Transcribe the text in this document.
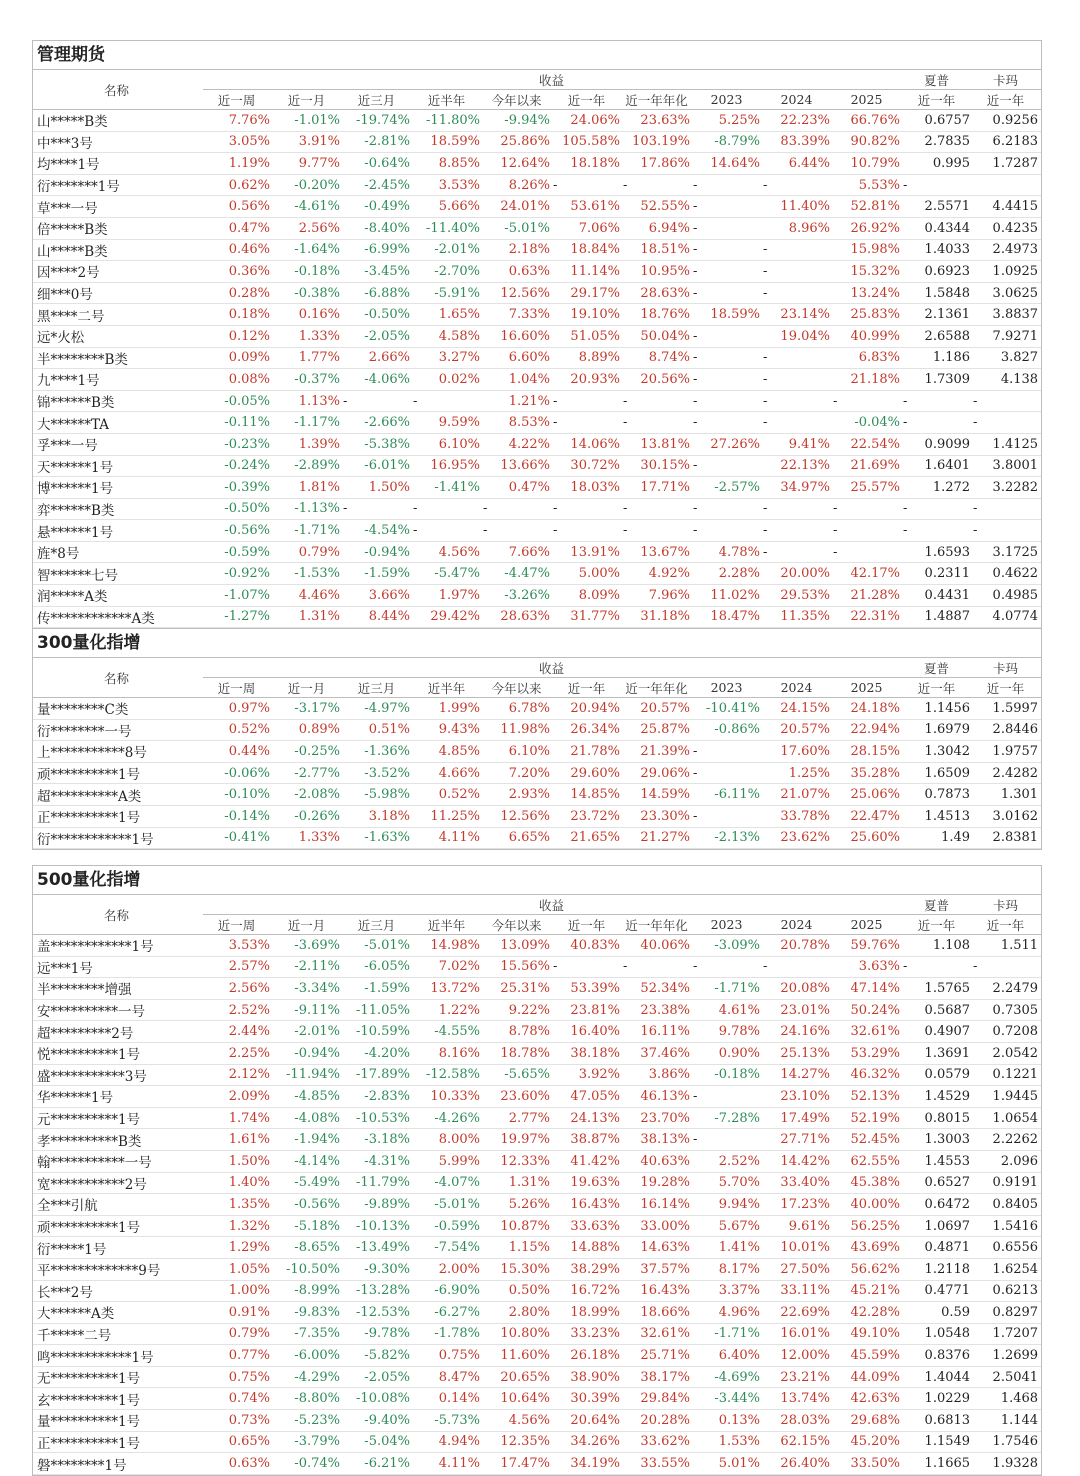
管理期货
名称	收益										夏普	卡玛
	近一周	近一月	近三月	近半年	今年以来	近一年	近一年年化	2023	2024	2025	近一年	近一年
山*****B类	7.76%	-1.01%	-19.74%	-11.80%	-9.94%	24.06%	23.63%	5.25%	22.23%	66.76%	0.6757	0.9256
中***3号	3.05%	3.91%	-2.81%	18.59%	25.86%	105.58%	103.19%	-8.79%	83.39%	90.82%	2.7835	6.2183
均****1号	1.19%	9.77%	-0.64%	8.85%	12.64%	18.18%	17.86%	14.64%	6.44%	10.79%	0.995	1.7287
衍*******1号	0.62%	-0.20%	-2.45%	3.53%	8.26%	-	-	-	-	5.53%	-	
草***一号	0.56%	-4.61%	-0.49%	5.66%	24.01%	53.61%	52.55%	-	11.40%	52.81%	2.5571	4.4415
倍*****B类	0.47%	2.56%	-8.40%	-11.40%	-5.01%	7.06%	6.94%	-	8.96%	26.92%	0.4344	0.4235
山*****B类	0.46%	-1.64%	-6.99%	-2.01%	2.18%	18.84%	18.51%	-	-	15.98%	1.4033	2.4973
因****2号	0.36%	-0.18%	-3.45%	-2.70%	0.63%	11.14%	10.95%	-	-	15.32%	0.6923	1.0925
细***0号	0.28%	-0.38%	-6.88%	-5.91%	12.56%	29.17%	28.63%	-	-	13.24%	1.5848	3.0625
黑****二号	0.18%	0.16%	-0.50%	1.65%	7.33%	19.10%	18.76%	18.59%	23.14%	25.83%	2.1361	3.8837
远*火松	0.12%	1.33%	-2.05%	4.58%	16.60%	51.05%	50.04%	-	19.04%	40.99%	2.6588	7.9271
半********B类	0.09%	1.77%	2.66%	3.27%	6.60%	8.89%	8.74%	-	-	6.83%	1.186	3.827
九****1号	0.08%	-0.37%	-4.06%	0.02%	1.04%	20.93%	20.56%	-	-	21.18%	1.7309	4.138
锦******B类	-0.05%	1.13%	-	-	1.21%	-	-	-	-	-	-	-
大******TA	-0.11%	-1.17%	-2.66%	9.59%	8.53%	-	-	-	-	-0.04%	-	-
孚***一号	-0.23%	1.39%	-5.38%	6.10%	4.22%	14.06%	13.81%	27.26%	9.41%	22.54%	0.9099	1.4125
天******1号	-0.24%	-2.89%	-6.01%	16.95%	13.66%	30.72%	30.15%	-	22.13%	21.69%	1.6401	3.8001
博******1号	-0.39%	1.81%	1.50%	-1.41%	0.47%	18.03%	17.71%	-2.57%	34.97%	25.57%	1.272	3.2282
弈******B类	-0.50%	-1.13%	-	-	-	-	-	-	-	-	-	-
悬******1号	-0.56%	-1.71%	-4.54%	-	-	-	-	-	-	-	-	-
旌*8号	-0.59%	0.79%	-0.94%	4.56%	7.66%	13.91%	13.67%	4.78%	-	-	1.6593	3.1725
智******七号	-0.92%	-1.53%	-1.59%	-5.47%	-4.47%	5.00%	4.92%	2.28%	20.00%	42.17%	0.2311	0.4622
润*****A类	-1.07%	4.46%	3.66%	1.97%	-3.26%	8.09%	7.96%	11.02%	29.53%	21.28%	0.4431	0.4985
传************A类	-1.27%	1.31%	8.44%	29.42%	28.63%	31.77%	31.18%	18.47%	11.35%	22.31%	1.4887	4.0774
300量化指增
名称	收益										夏普	卡玛
	近一周	近一月	近三月	近半年	今年以来	近一年	近一年年化	2023	2024	2025	近一年	近一年
量********C类	0.97%	-3.17%	-4.97%	1.99%	6.78%	20.94%	20.57%	-10.41%	24.15%	24.18%	1.1456	1.5997
衍********一号	0.52%	0.89%	0.51%	9.43%	11.98%	26.34%	25.87%	-0.86%	20.57%	22.94%	1.6979	2.8446
上***********8号	0.44%	-0.25%	-1.36%	4.85%	6.10%	21.78%	21.39%	-	17.60%	28.15%	1.3042	1.9757
顽**********1号	-0.06%	-2.77%	-3.52%	4.66%	7.20%	29.60%	29.06%	-	1.25%	35.28%	1.6509	2.4282
超**********A类	-0.10%	-2.08%	-5.98%	0.52%	2.93%	14.85%	14.59%	-6.11%	21.07%	25.06%	0.7873	1.301
正**********1号	-0.14%	-0.26%	3.18%	11.25%	12.56%	23.72%	23.30%	-	33.78%	22.47%	1.4513	3.0162
衍************1号	-0.41%	1.33%	-1.63%	4.11%	6.65%	21.65%	21.27%	-2.13%	23.62%	25.60%	1.49	2.8381
500量化指增
名称	收益										夏普	卡玛
	近一周	近一月	近三月	近半年	今年以来	近一年	近一年年化	2023	2024	2025	近一年	近一年
盖************1号	3.53%	-3.69%	-5.01%	14.98%	13.09%	40.83%	40.06%	-3.09%	20.78%	59.76%	1.108	1.511
远***1号	2.57%	-2.11%	-6.05%	7.02%	15.56%	-	-	-	-	3.63%	-	-
半********增强	2.56%	-3.34%	-1.59%	13.72%	25.31%	53.39%	52.34%	-1.71%	20.08%	47.14%	1.5765	2.2479
安**********一号	2.52%	-9.11%	-11.05%	1.22%	9.22%	23.81%	23.38%	4.61%	23.01%	50.24%	0.5687	0.7305
超*********2号	2.44%	-2.01%	-10.59%	-4.55%	8.78%	16.40%	16.11%	9.78%	24.16%	32.61%	0.4907	0.7208
悦**********1号	2.25%	-0.94%	-4.20%	8.16%	18.78%	38.18%	37.46%	0.90%	25.13%	53.29%	1.3691	2.0542
盛***********3号	2.12%	-11.94%	-17.89%	-12.58%	-5.65%	3.92%	3.86%	-0.18%	14.27%	46.32%	0.0579	0.1221
华******1号	2.09%	-4.85%	-2.83%	10.33%	23.60%	47.05%	46.13%	-	23.10%	52.13%	1.4529	1.9445
元**********1号	1.74%	-4.08%	-10.53%	-4.26%	2.77%	24.13%	23.70%	-7.28%	17.49%	52.19%	0.8015	1.0654
孝**********B类	1.61%	-1.94%	-3.18%	8.00%	19.97%	38.87%	38.13%	-	27.71%	52.45%	1.3003	2.2262
翰***********一号	1.50%	-4.14%	-4.31%	5.99%	12.33%	41.42%	40.63%	2.52%	14.42%	62.55%	1.4553	2.096
宽***********2号	1.40%	-5.49%	-11.79%	-4.07%	1.31%	19.63%	19.28%	5.70%	33.40%	45.38%	0.6527	0.9191
全***引航	1.35%	-0.56%	-9.89%	-5.01%	5.26%	16.43%	16.14%	9.94%	17.23%	40.00%	0.6472	0.8405
顽**********1号	1.32%	-5.18%	-10.13%	-0.59%	10.87%	33.63%	33.00%	5.67%	9.61%	56.25%	1.0697	1.5416
衍*****1号	1.29%	-8.65%	-13.49%	-7.54%	1.15%	14.88%	14.63%	1.41%	10.01%	43.69%	0.4871	0.6556
平*************9号	1.05%	-10.50%	-9.30%	2.00%	15.30%	38.29%	37.57%	8.17%	27.50%	56.62%	1.2118	1.6254
长***2号	1.00%	-8.99%	-13.28%	-6.90%	0.50%	16.72%	16.43%	3.37%	33.11%	45.21%	0.4771	0.6213
大******A类	0.91%	-9.83%	-12.53%	-6.27%	2.80%	18.99%	18.66%	4.96%	22.69%	42.28%	0.59	0.8297
千*****二号	0.79%	-7.35%	-9.78%	-1.78%	10.80%	33.23%	32.61%	-1.71%	16.01%	49.10%	1.0548	1.7207
鸣************1号	0.77%	-6.00%	-5.82%	0.75%	11.60%	26.18%	25.71%	6.40%	12.00%	45.59%	0.8376	1.2699
无**********1号	0.75%	-4.29%	-2.05%	8.47%	20.65%	38.90%	38.17%	-4.69%	23.21%	44.09%	1.4044	2.5041
玄**********1号	0.74%	-8.80%	-10.08%	0.14%	10.64%	30.39%	29.84%	-3.44%	13.74%	42.63%	1.0229	1.468
量**********1号	0.73%	-5.23%	-9.40%	-5.73%	4.56%	20.64%	20.28%	0.13%	28.03%	29.68%	0.6813	1.144
正**********1号	0.65%	-3.79%	-5.04%	4.94%	12.35%	34.26%	33.62%	1.53%	62.15%	45.20%	1.1549	1.7546
磐********1号	0.63%	-0.74%	-6.21%	4.11%	17.47%	34.19%	33.55%	5.01%	26.40%	33.50%	1.1665	1.9328
